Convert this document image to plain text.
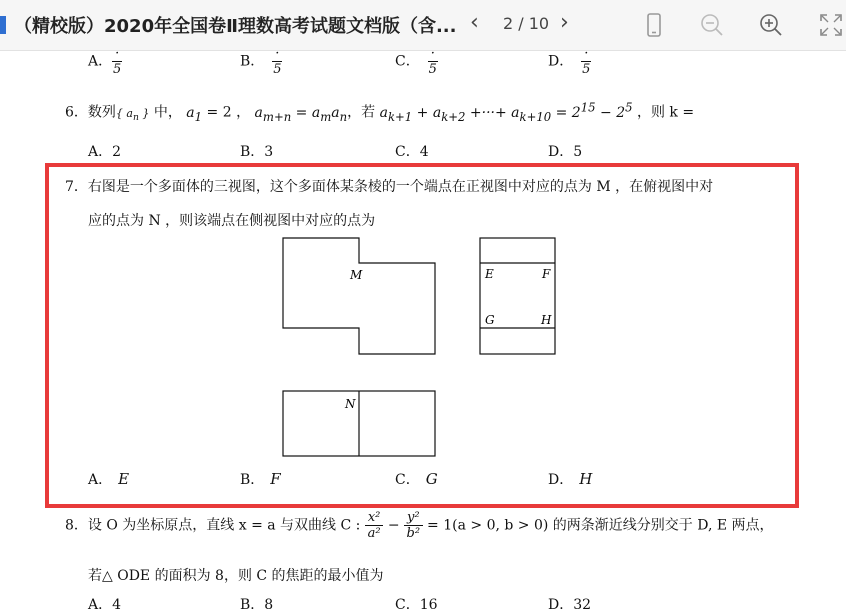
（精校版）2020年全国卷Ⅱ理数高考试题文档版（含... ‹ 2 / 10 ›
A． $\frac{\cdot}{5}$	B． $\frac{\cdot}{5}$	C． $\frac{\cdot}{5}$	D． $\frac{\cdot}{5}$
6．数列{ $a_n$ } 中， $a_1 = 2$ ， $a_{m+n} = a_ma_n$，若 $a_{k+1} + a_{k+2}$ +···+ $a_{k+10} = 2^{15} - 2^5$ ，则 k =
A．2	B．3	C．4	D．5
7．右图是一个多面体的三视图，这个多面体某条棱的一个端点在正视图中对应的点为 M ，在俯视图中对
应的点为 N ，则该端点在侧视图中对应的点为
M	E	F
G	H
N
A． E	B． F	C． G	D． H
8．设 O 为坐标原点，直线 x = a 与双曲线 C : $\frac{\text{x²}}{\text{a²}} - \frac{\text{y²}}{\text{b²}} = 1(a > 0$, b > 0) 的两条渐近线分别交于 D, E 两点，
若△ ODE 的面积为 8，则 C 的焦距的最小值为
A．4	B．8	C．16	D．32
